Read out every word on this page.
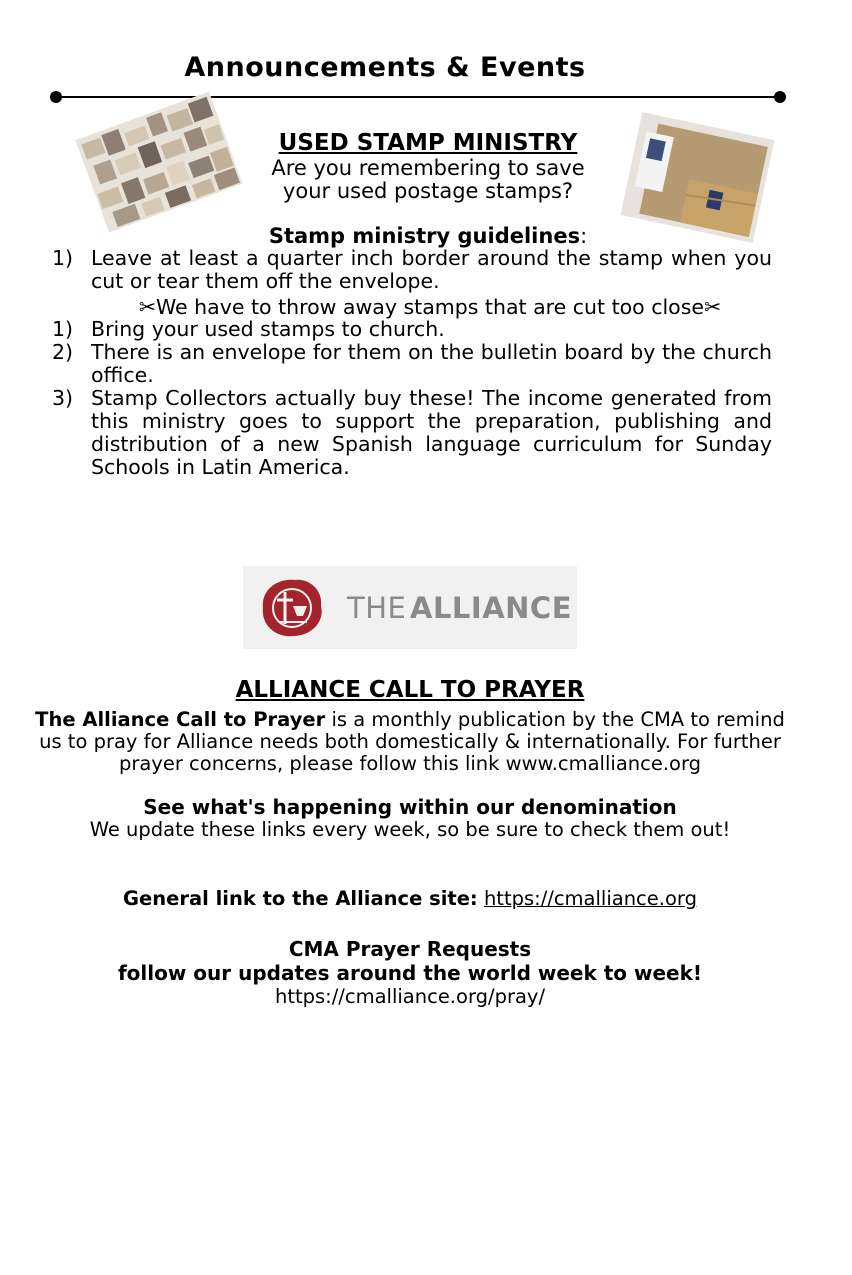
Announcements & Events
USED STAMP MINISTRY
Are you remembering to save
your used postage stamps?
Stamp ministry guidelines:
1) Leave at least a quarter inch border around the stamp when you cut or tear them off the envelope.
✂We have to throw away stamps that are cut too close✂
1) Bring your used stamps to church.
2) There is an envelope for them on the bulletin board by the church office.
3) Stamp Collectors actually buy these! The income generated from this ministry goes to support the preparation, publishing and distribution of a new Spanish language curriculum for Sunday Schools in Latin America.
THE ALLIANCE
ALLIANCE CALL TO PRAYER
The Alliance Call to Prayer is a monthly publication by the CMA to remind us to pray for Alliance needs both domestically & internationally. For further prayer concerns, please follow this link www.cmalliance.org
See what's happening within our denomination
We update these links every week, so be sure to check them out!
General link to the Alliance site: https://cmalliance.org
CMA Prayer Requests
follow our updates around the world week to week!
https://cmalliance.org/pray/
